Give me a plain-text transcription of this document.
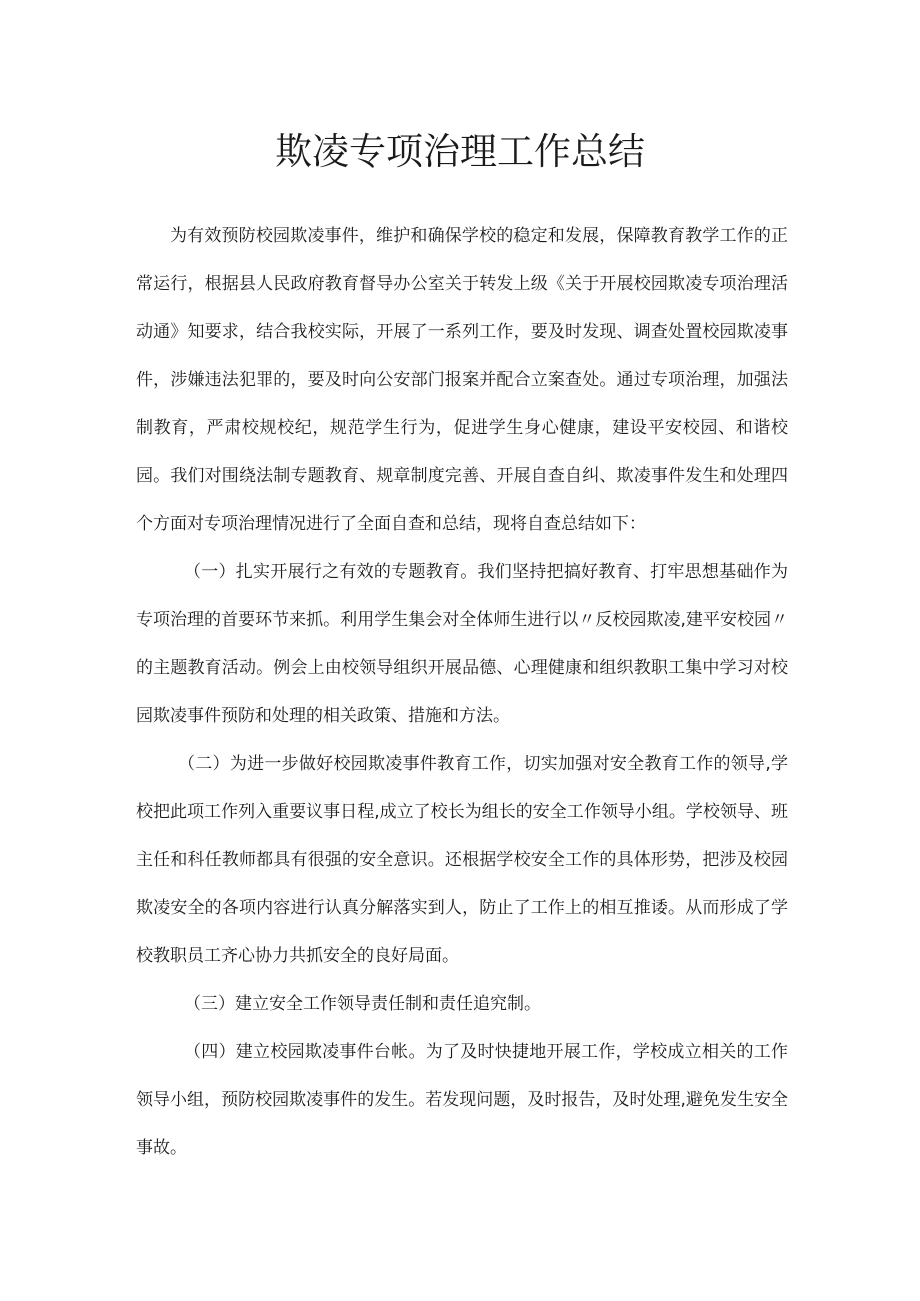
欺凌专项治理工作总结

为有效预防校园欺凌事件，维护和确保学校的稳定和发展，保障教育教学工作的正常运行，根据县人民政府教育督导办公室关于转发上级《关于开展校园欺凌专项治理活动通》知要求，结合我校实际，开展了一系列工作，要及时发现、调查处置校园欺凌事件，涉嫌违法犯罪的，要及时向公安部门报案并配合立案查处。通过专项治理，加强法制教育，严肃校规校纪，规范学生行为，促进学生身心健康，建设平安校园、和谐校园。我们对围绕法制专题教育、规章制度完善、开展自查自纠、欺凌事件发生和处理四个方面对专项治理情况进行了全面自查和总结，现将自查总结如下：

（一）扎实开展行之有效的专题教育。我们坚持把搞好教育、打牢思想基础作为专项治理的首要环节来抓。利用学生集会对全体师生进行以〃反校园欺凌,建平安校园〃的主题教育活动。例会上由校领导组织开展品德、心理健康和组织教职工集中学习对校园欺凌事件预防和处理的相关政策、措施和方法。

（二）为进一步做好校园欺凌事件教育工作，切实加强对安全教育工作的领导,学校把此项工作列入重要议事日程,成立了校长为组长的安全工作领导小组。学校领导、班主任和科任教师都具有很强的安全意识。还根据学校安全工作的具体形势，把涉及校园欺凌安全的各项内容进行认真分解落实到人，防止了工作上的相互推诿。从而形成了学校教职员工齐心协力共抓安全的良好局面。

（三）建立安全工作领导责任制和责任追究制。

（四）建立校园欺凌事件台帐。为了及时快捷地开展工作，学校成立相关的工作领导小组，预防校园欺凌事件的发生。若发现问题，及时报告，及时处理,避免发生安全事故。
